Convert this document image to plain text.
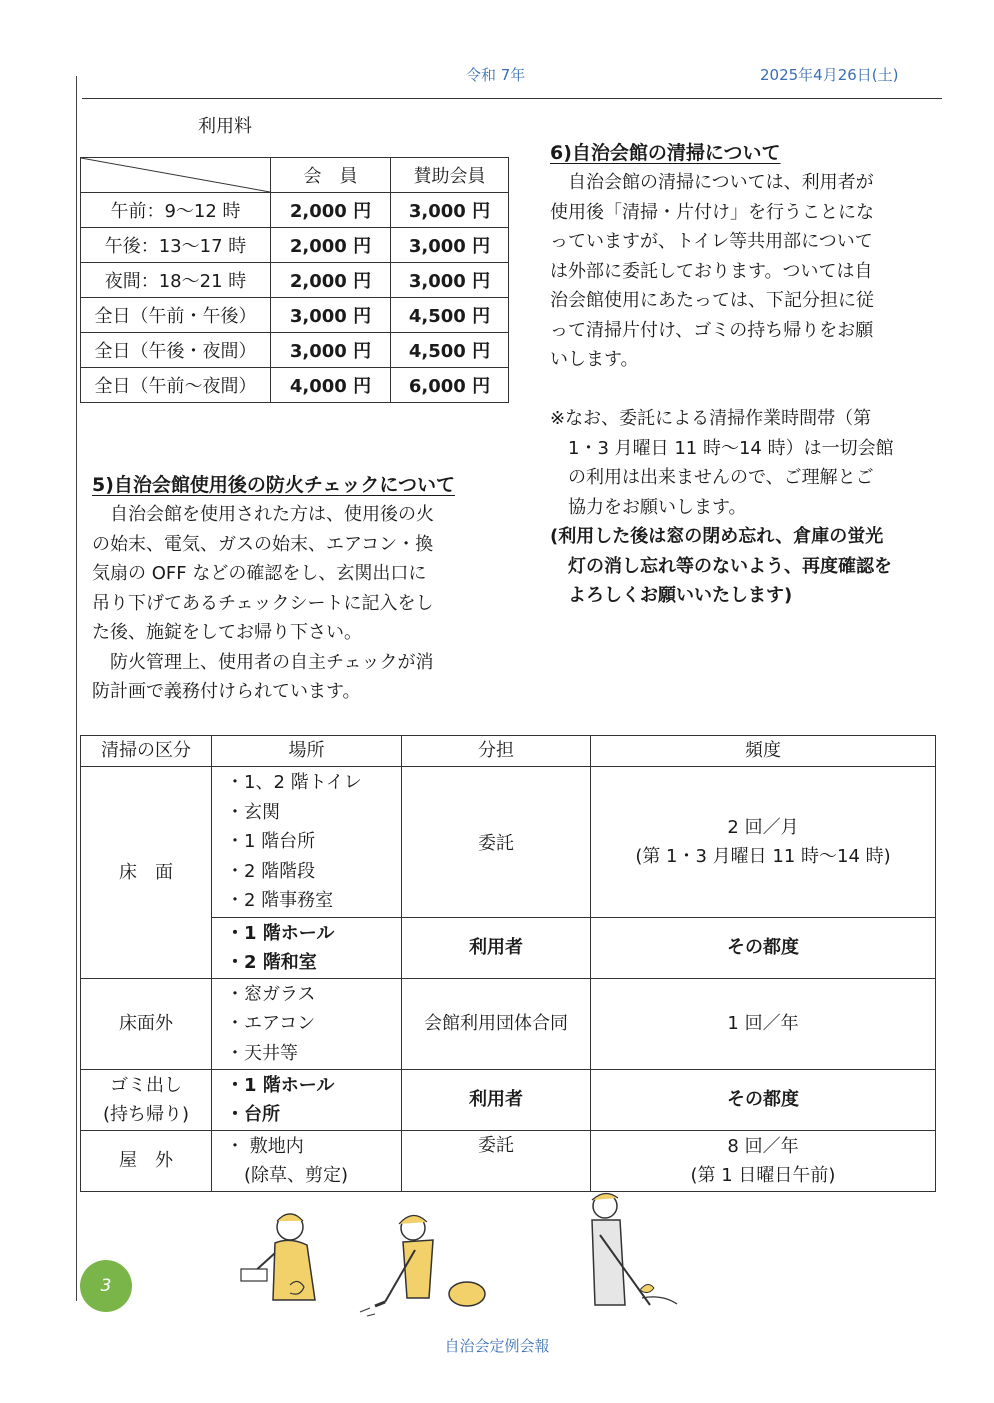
令和 7年	2025年4月26日(土)
利用料
	会　員	賛助会員
午前：9〜12 時	2,000 円	3,000 円
午後：13〜17 時	2,000 円	3,000 円
夜間：18〜21 時	2,000 円	3,000 円
全日（午前・午後）	3,000 円	4,500 円
全日（午後・夜間）	3,000 円	4,500 円
全日（午前〜夜間）	4,000 円	6,000 円
5)自治会館使用後の防火チェックについて
　自治会館を使用された方は、使用後の火
の始末、電気、ガスの始末、エアコン・換
気扇の OFF などの確認をし、玄関出口に
吊り下げてあるチェックシートに記入をし
た後、施錠をしてお帰り下さい。
　防火管理上、使用者の自主チェックが消
防計画で義務付けられています。
6)自治会館の清掃について
　自治会館の清掃については、利用者が
使用後「清掃・片付け」を行うことにな
っていますが、トイレ等共用部について
は外部に委託しております。ついては自
治会館使用にあたっては、下記分担に従
って清掃片付け、ゴミの持ち帰りをお願
いします。
※なお、委託による清掃作業時間帯（第
　1・3 月曜日 11 時〜14 時）は一切会館
　の利用は出来ませんので、ご理解とご
　協力をお願いします。
(利用した後は窓の閉め忘れ、倉庫の蛍光
　灯の消し忘れ等のないよう、再度確認を
　よろしくお願いいたします)
清掃の区分	場所	分担	頻度
床　面	・1、2 階トイレ
・玄関
・1 階台所
・2 階階段
・2 階事務室	委託	2 回／月
(第 1・3 月曜日 11 時〜14 時)

	・1 階ホール
・2 階和室	利用者	その都度
床面外	・窓ガラス
・エアコン
・天井等	会館利用団体合同	1 回／年

ゴミ出し
(持ち帰り)	・1 階ホール
・台所	利用者	その都度
屋　外	・ 敷地内
　(除草、剪定)	委託	8 回／年
(第 1 日曜日午前)
3
自治会定例会報
